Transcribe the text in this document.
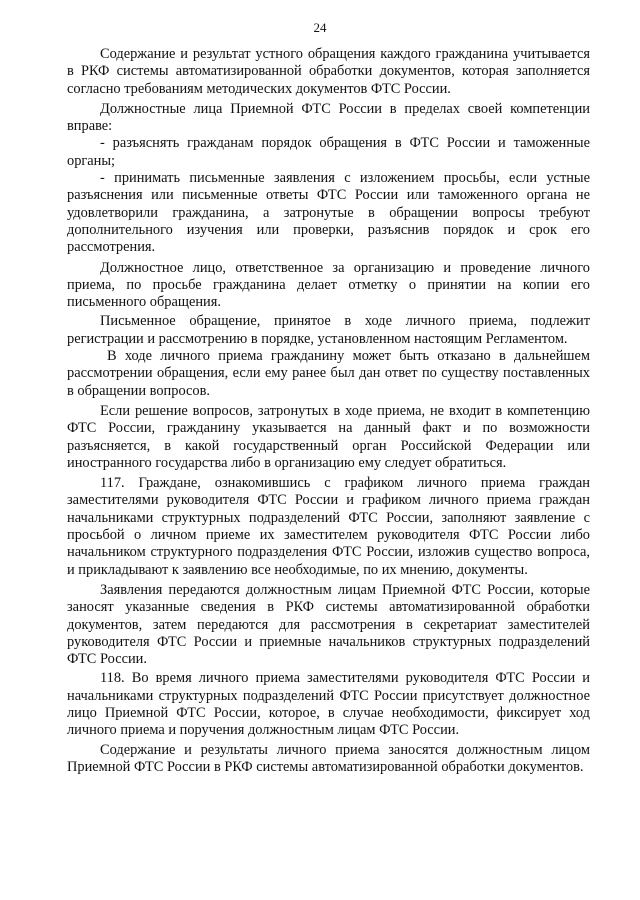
24

Содержание и результат устного обращения каждого гражданина учитывается в РКФ системы автоматизированной обработки документов, которая заполняется согласно требованиям методических документов ФТС России.

Должностные лица Приемной ФТС России в пределах своей компетенции вправе:

- разъяснять гражданам порядок обращения в ФТС России и таможенные органы;

- принимать письменные заявления с изложением просьбы, если устные разъяснения или письменные ответы ФТС России или таможенного органа не удовлетворили гражданина, а затронутые в обращении вопросы требуют дополнительного изучения или проверки, разъяснив порядок и срок его рассмотрения.

Должностное лицо, ответственное за организацию и проведение личного приема, по просьбе гражданина делает отметку о принятии на копии его письменного обращения.

Письменное обращение, принятое в ходе личного приема, подлежит регистрации и рассмотрению в порядке, установленном настоящим Регламентом.

В ходе личного приема гражданину может быть отказано в дальнейшем рассмотрении обращения, если ему ранее был дан ответ по существу поставленных в обращении вопросов.

Если решение вопросов, затронутых в ходе приема, не входит в компетенцию ФТС России, гражданину указывается на данный факт и по возможности разъясняется, в какой государственный орган Российской Федерации или иностранного государства либо в организацию ему следует обратиться.

117. Граждане, ознакомившись с графиком личного приема граждан заместителями руководителя ФТС России и графиком личного приема граждан начальниками структурных подразделений ФТС России, заполняют заявление с просьбой о личном приеме их заместителем руководителя ФТС России либо начальником структурного подразделения ФТС России, изложив существо вопроса, и прикладывают к заявлению все необходимые, по их мнению, документы.

Заявления передаются должностным лицам Приемной ФТС России, которые заносят указанные сведения в РКФ системы автоматизированной обработки документов, затем передаются для рассмотрения в секретариат заместителей руководителя ФТС России и приемные начальников структурных подразделений ФТС России.

118. Во время личного приема заместителями руководителя ФТС России и начальниками структурных подразделений ФТС России присутствует должностное лицо Приемной ФТС России, которое, в случае необходимости, фиксирует ход личного приема и поручения должностным лицам ФТС России.

Содержание и результаты личного приема заносятся должностным лицом Приемной ФТС России в РКФ системы автоматизированной обработки документов.
